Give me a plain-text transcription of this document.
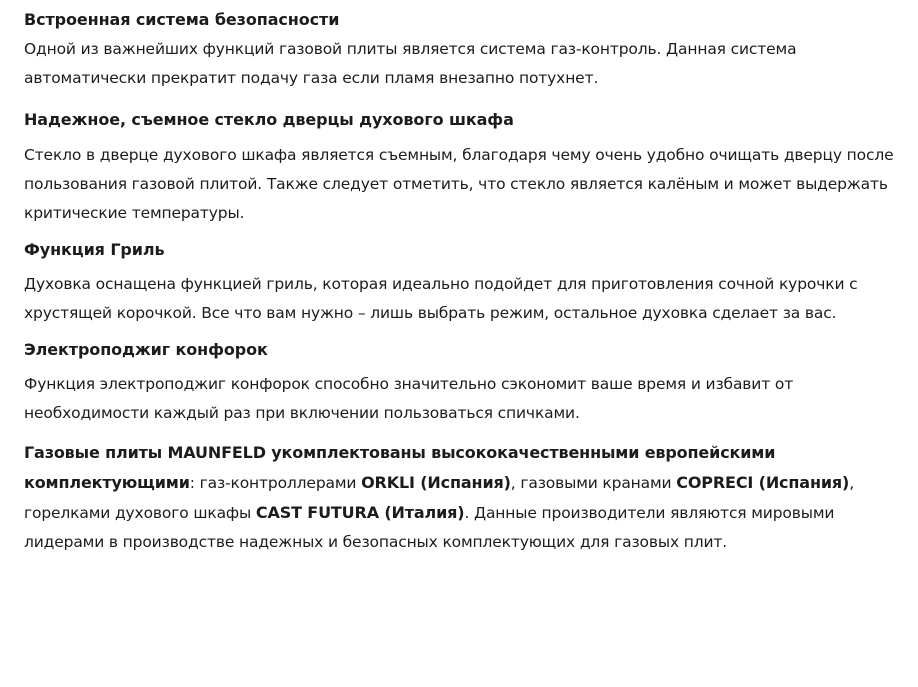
Встроенная система безопасности

Одной из важнейших функций газовой плиты является система газ-контроль. Данная система автоматически прекратит подачу газа если пламя внезапно потухнет.

Надежное, съемное стекло дверцы духового шкафа

Стекло в дверце духового шкафа является съемным, благодаря чему очень удобно очищать дверцу после пользования газовой плитой. Также следует отметить, что стекло является калёным и может выдержать критические температуры.

Функция Гриль

Духовка оснащена функцией гриль, которая идеально подойдет для приготовления сочной курочки с хрустящей корочкой. Все что вам нужно – лишь выбрать режим, остальное духовка сделает за вас.

Электроподжиг конфорок

Функция электроподжиг конфорок способно значительно сэкономит ваше время и избавит от необходимости каждый раз при включении пользоваться спичками.

Газовые плиты MAUNFELD укомплектованы высококачественными европейскими комплектующими: газ-контроллерами ORKLI (Испания), газовыми кранами COPRECI (Испания), горелками духового шкафы CAST FUTURA (Италия). Данные производители являются мировыми лидерами в производстве надежных и безопасных комплектующих для газовых плит.
